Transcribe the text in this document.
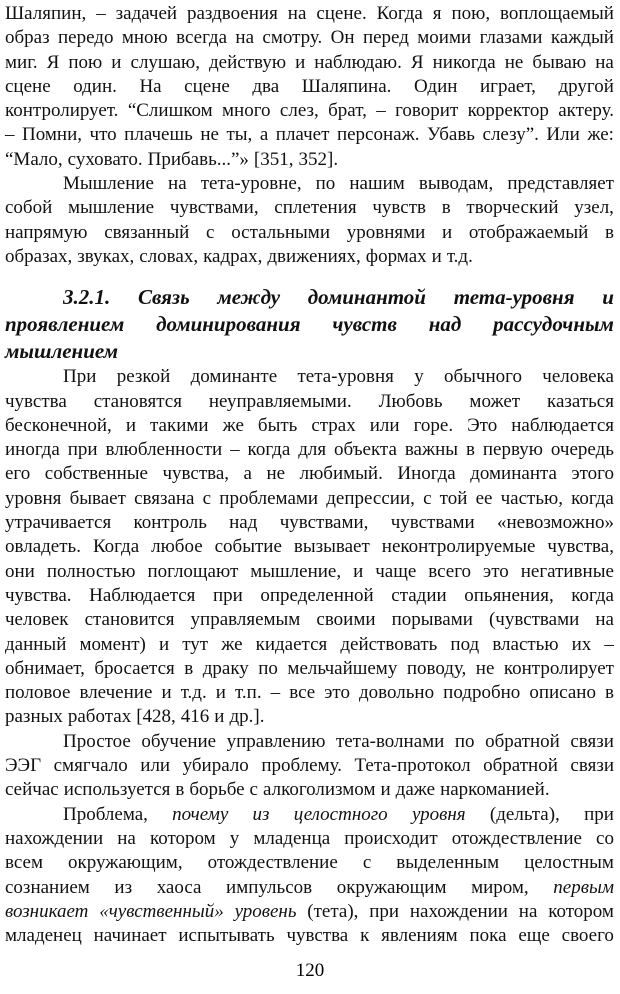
Шаляпин, – задачей раздвоения на сцене. Когда я пою, воплощаемый
образ передо мною всегда на смотру. Он перед моими глазами каждый
миг. Я пою и слушаю, действую и наблюдаю. Я никогда не бываю на
сцене один. На сцене два Шаляпина. Один играет, другой
контролирует. “Слишком много слез, брат, – говорит корректор актеру.
– Помни, что плачешь не ты, а плачет персонаж. Убавь слезу”. Или же:
“Мало, суховато. Прибавь...”» [351, 352].
Мышление на тета-уровне, по нашим выводам, представляет
собой мышление чувствами, сплетения чувств в творческий узел,
напрямую связанный с остальными уровнями и отображаемый в
образах, звуках, словах, кадрах, движениях, формах и т.д.
3.2.1. Связь между доминантой тета-уровня и
проявлением доминирования чувств над рассудочным
мышлением
При резкой доминанте тета-уровня у обычного человека
чувства становятся неуправляемыми. Любовь может казаться
бесконечной, и такими же быть страх или горе. Это наблюдается
иногда при влюбленности – когда для объекта важны в первую очередь
его собственные чувства, а не любимый. Иногда доминанта этого
уровня бывает связана с проблемами депрессии, с той ее частью, когда
утрачивается контроль над чувствами, чувствами «невозможно»
овладеть. Когда любое событие вызывает неконтролируемые чувства,
они полностью поглощают мышление, и чаще всего это негативные
чувства. Наблюдается при определенной стадии опьянения, когда
человек становится управляемым своими порывами (чувствами на
данный момент) и тут же кидается действовать под властью их –
обнимает, бросается в драку по мельчайшему поводу, не контролирует
половое влечение и т.д. и т.п. – все это довольно подробно описано в
разных работах [428, 416 и др.].
Простое обучение управлению тета-волнами по обратной связи
ЭЭГ смягчало или убирало проблему. Тета-протокол обратной связи
сейчас используется в борьбе с алкоголизмом и даже наркоманией.
Проблема, почему из целостного уровня (дельта), при
нахождении на котором у младенца происходит отождествление со
всем окружающим, отождествление с выделенным целостным
сознанием из хаоса импульсов окружающим миром, первым
возникает «чувственный» уровень (тета), при нахождении на котором
младенец начинает испытывать чувства к явлениям пока еще своего
120
